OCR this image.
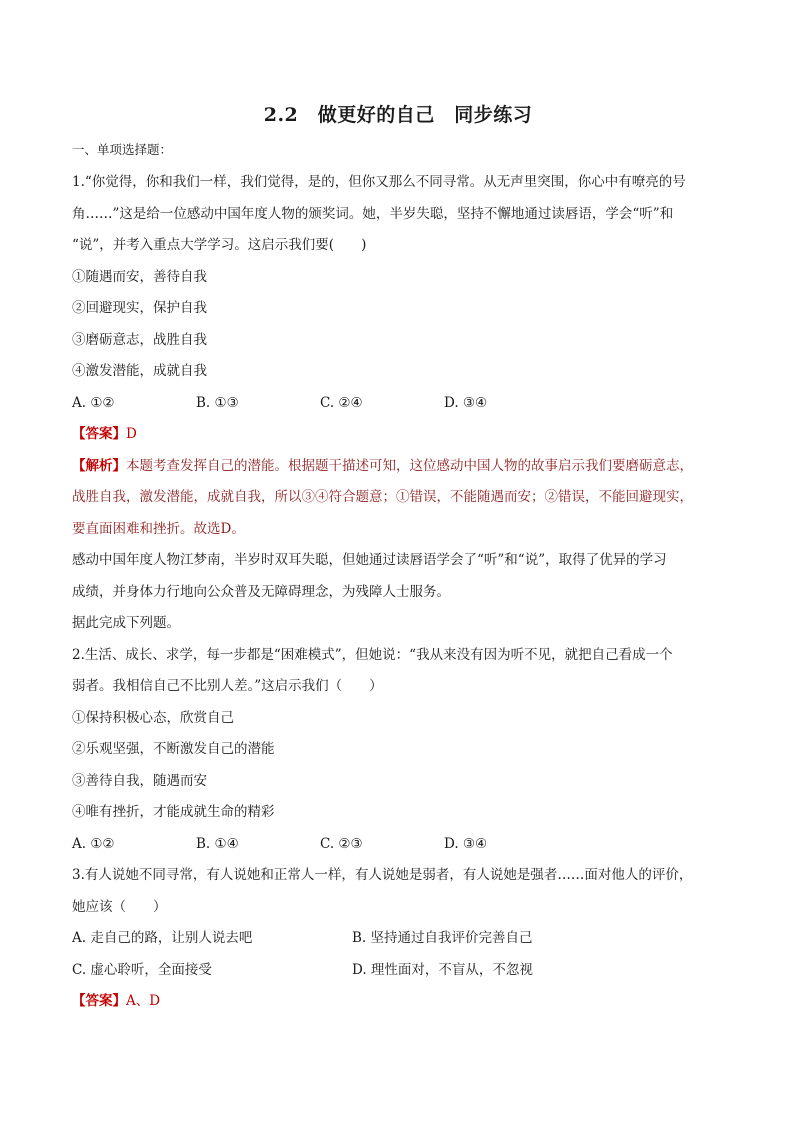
2.2　做更好的自己　同步练习
一、单项选择题：
1.“你觉得，你和我们一样，我们觉得，是的，但你又那么不同寻常。从无声里突围，你心中有嘹亮的号
角……”这是给一位感动中国年度人物的颁奖词。她，半岁失聪，坚持不懈地通过读唇语，学会“听”和
“说”，并考入重点大学学习。这启示我们要(　　)
①随遇而安，善待自我
②回避现实，保护自我
③磨砺意志，战胜自我
④激发潜能，成就自我
A. ①②	B. ①③	C. ②④	D. ③④
【答案】D
【解析】本题考查发挥自己的潜能。根据题干描述可知，这位感动中国人物的故事启示我们要磨砺意志，
战胜自我，激发潜能，成就自我，所以③④符合题意；①错误，不能随遇而安；②错误，不能回避现实，
要直面困难和挫折。故选D。
感动中国年度人物江梦南，半岁时双耳失聪，但她通过读唇语学会了“听”和“说”，取得了优异的学习
成绩，并身体力行地向公众普及无障碍理念，为残障人士服务。
据此完成下列题。
2.生活、成长、求学，每一步都是“困难模式”，但她说：“我从来没有因为听不见，就把自己看成一个
弱者。我相信自己不比别人差。”这启示我们（　　）
①保持积极心态，欣赏自己
②乐观坚强，不断激发自己的潜能
③善待自我，随遇而安
④唯有挫折，才能成就生命的精彩
A. ①②	B. ①④	C. ②③	D. ③④
3.有人说她不同寻常，有人说她和正常人一样，有人说她是弱者，有人说她是强者……面对他人的评价，
她应该（　　）
A. 走自己的路，让别人说去吧	B. 坚持通过自我评价完善自己
C. 虚心聆听，全面接受	D. 理性面对，不盲从，不忽视
【答案】A、D
